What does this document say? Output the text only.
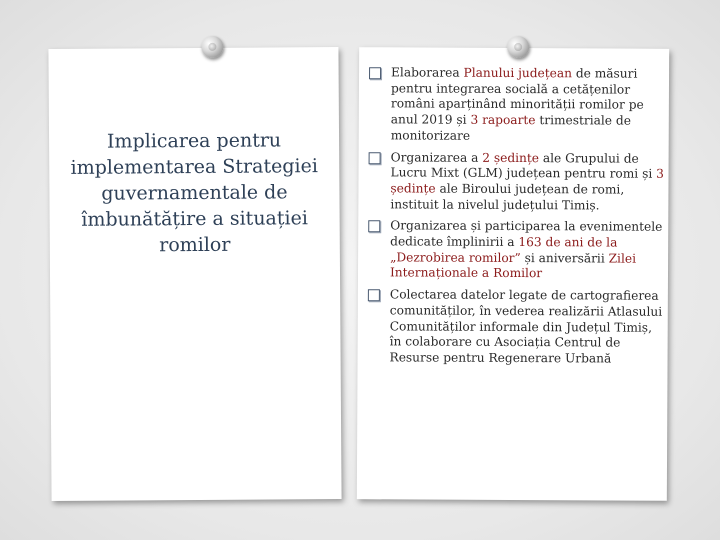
Implicarea pentru implementarea Strategiei guvernamentale de îmbunătățire a situației romilor
Elaborarea Planului județean de măsuri pentru integrarea socială a cetățenilor români aparținând minorității romilor pe anul 2019 și 3 rapoarte trimestriale de monitorizare
Organizarea a 2 ședințe ale Grupului de Lucru Mixt (GLM) județean pentru romi și 3 ședințe ale Biroului județean de romi, instituit la nivelul județului Timiș.
Organizarea și participarea la evenimentele dedicate împlinirii a 163 de ani de la „Dezrobirea romilor” și aniversării Zilei Internaționale a Romilor
Colectarea datelor legate de cartografierea comunităților, în vederea realizării Atlasului Comunităților informale din Județul Timiș, în colaborare cu Asociația Centrul de Resurse pentru Regenerare Urbană
